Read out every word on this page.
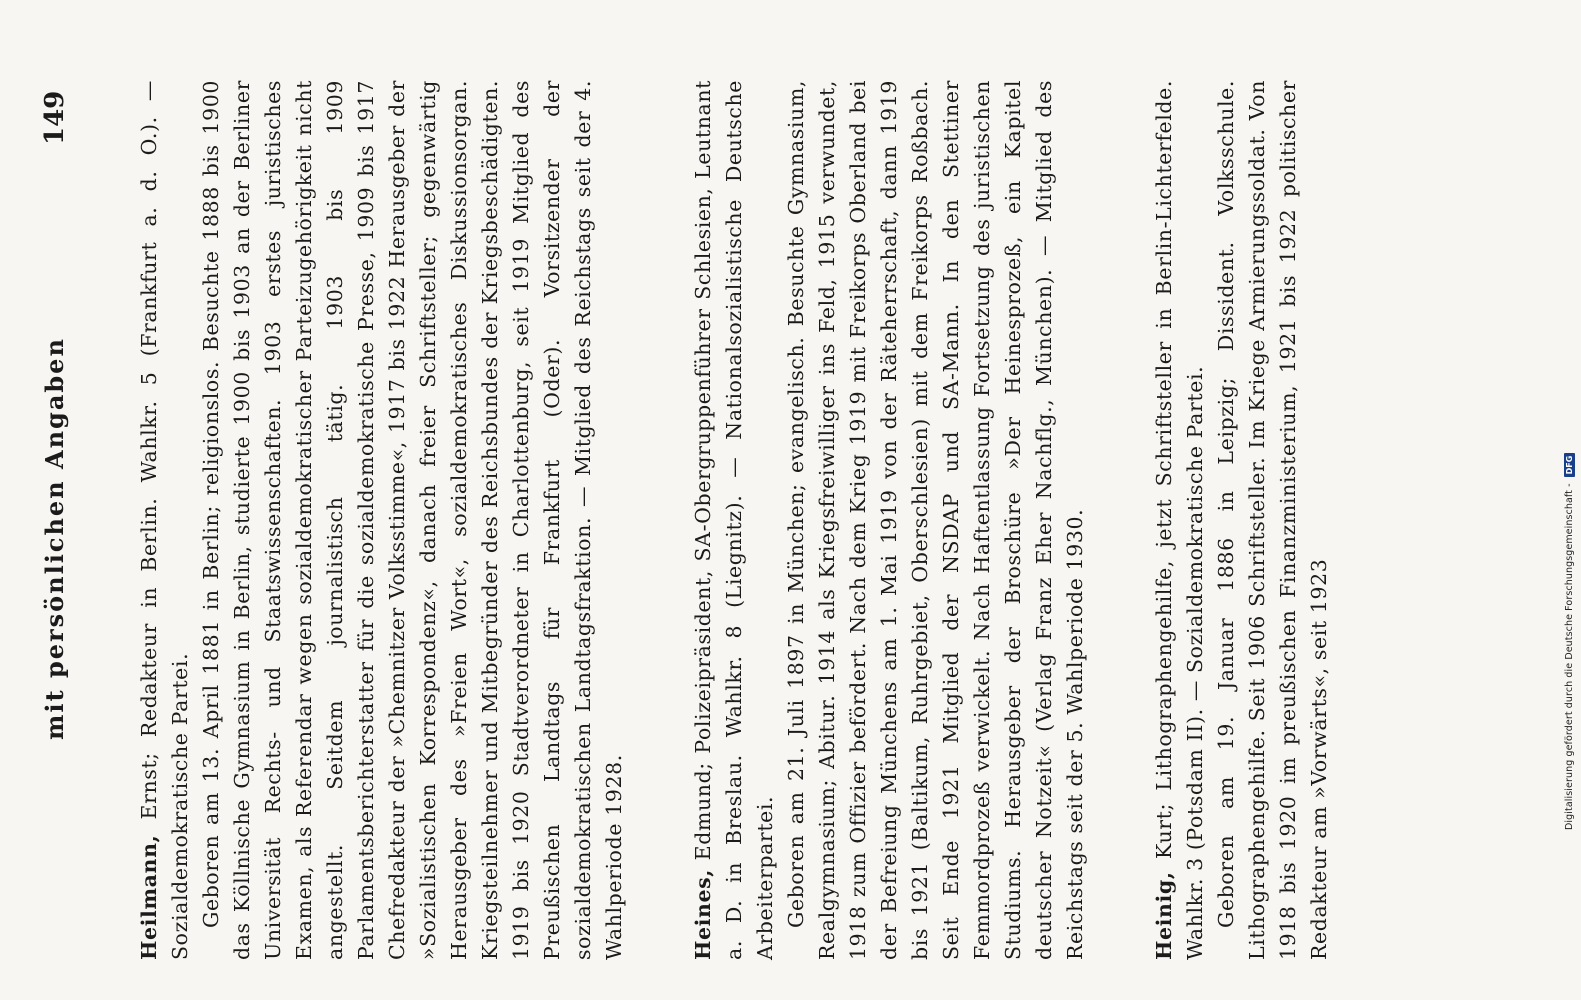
mit persönlichen Angaben
149

Heilmann, Ernst; Redakteur in Berlin. Wahlkr. 5 (Frankfurt a. d. O.). — Sozialdemokratische Partei. Geboren am 13. April 1881 in Berlin; religionslos. Besuchte 1888 bis 1900 das Köllnische Gymnasium in Berlin, studierte 1900 bis 1903 an der Berliner Universität Rechts- und Staatswissenschaften. 1903 erstes juristisches Examen, als Referendar wegen sozialdemokratischer Parteizugehörigkeit nicht angestellt. Seitdem journalistisch tätig. 1903 bis 1909 Parlamentsberichterstatter für die sozialdemokratische Presse, 1909 bis 1917 Chefredakteur der »Chemnitzer Volksstimme«, 1917 bis 1922 Herausgeber der »Sozialistischen Korrespondenz«, danach freier Schriftsteller; gegenwärtig Herausgeber des »Freien Wort«, sozialdemokratisches Diskussionsorgan. Kriegsteilnehmer und Mitbegründer des Reichsbundes der Kriegsbeschädigten. 1919 bis 1920 Stadtverordneter in Charlottenburg, seit 1919 Mitglied des Preußischen Landtags für Frankfurt (Oder). Vorsitzender der sozialdemokratischen Landtagsfraktion. — Mitglied des Reichstags seit der 4. Wahlperiode 1928.	Heines, Edmund; Polizeipräsident, SA-Obergruppenführer Schlesien, Leutnant a. D. in Breslau. Wahlkr. 8 (Liegnitz). — Nationalsozialistische Deutsche Arbeiterpartei. Geboren am 21. Juli 1897 in München; evangelisch. Besuchte Gymnasium, Realgymnasium; Abitur. 1914 als Kriegsfreiwilliger ins Feld, 1915 verwundet, 1918 zum Offizier befördert. Nach dem Krieg 1919 mit Freikorps Oberland bei der Befreiung Münchens am 1. Mai 1919 von der Räteherrschaft, dann 1919 bis 1921 (Baltikum, Ruhrgebiet, Oberschlesien) mit dem Freikorps Roßbach. Seit Ende 1921 Mitglied der NSDAP und SA-Mann. In den Stettiner Femmordprozeß verwickelt. Nach Haftentlassung Fortsetzung des juristischen Studiums. Herausgeber der Broschüre »Der Heinesprozeß, ein Kapitel deutscher Notzeit« (Verlag Franz Eher Nachflg., München). — Mitglied des Reichstags seit der 5. Wahlperiode 1930.	Heinig, Kurt; Lithographengehilfe, jetzt Schriftsteller in Berlin-Lichterfelde. Wahlkr. 3 (Potsdam II). — Sozialdemokratische Partei. Geboren am 19. Januar 1886 in Leipzig; Dissident. Volksschule. Lithographengehilfe. Seit 1906 Schriftsteller. Im Kriege Armierungssoldat. Von 1918 bis 1920 im preußischen Finanzministerium, 1921 bis 1922 politischer Redakteur am »Vorwärts«, seit 1923	Digitalisierung gefördert durch die Deutsche Forschungsgemeinschaft -
DFG
